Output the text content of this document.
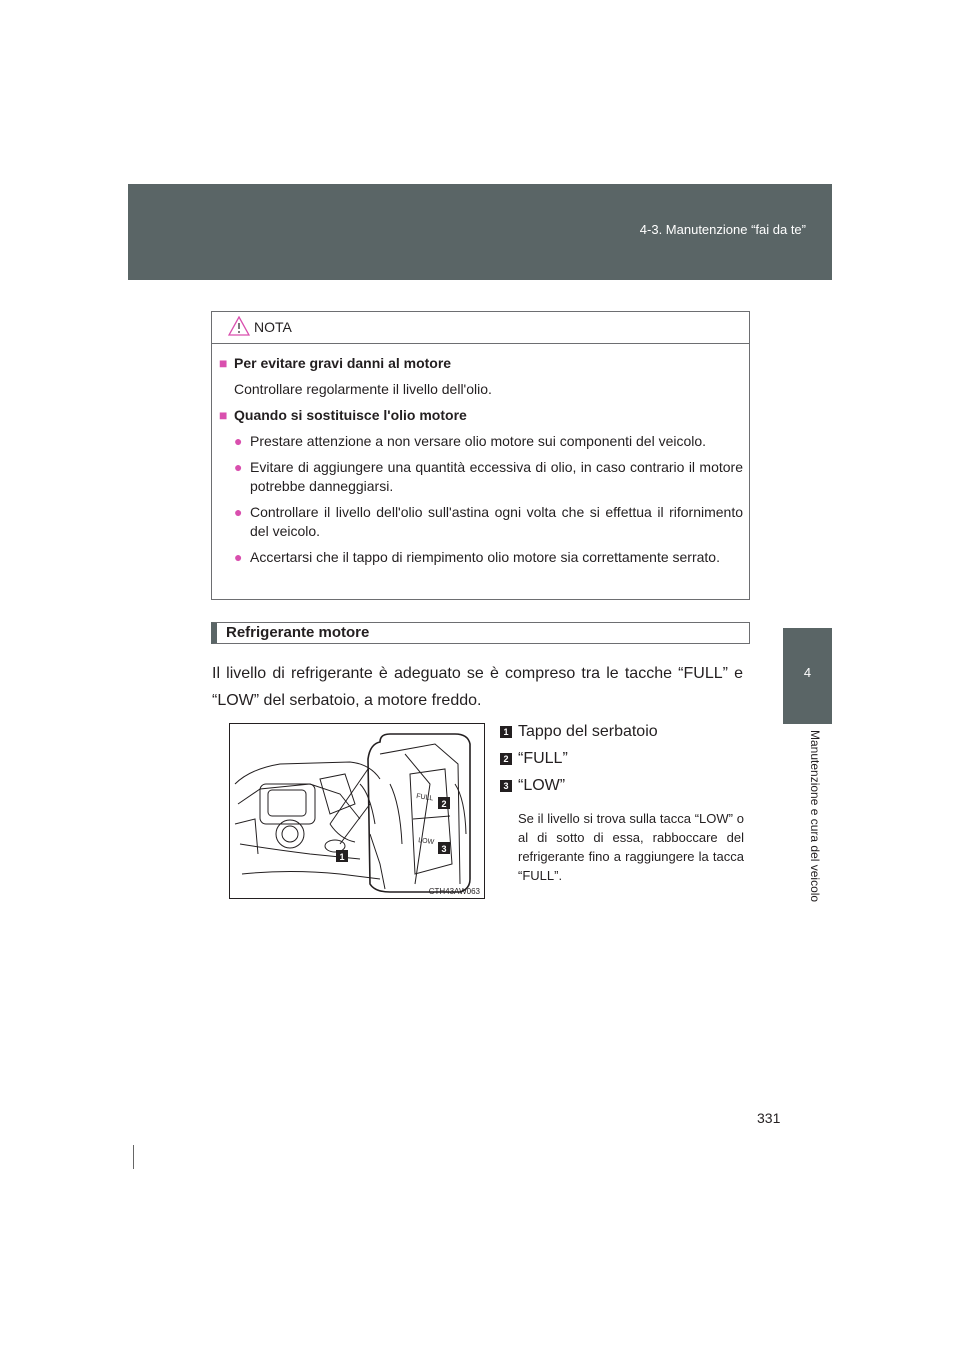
4-3. Manutenzione “fai da te”
4
Manutenzione e cura del veicolo
NOTA
■ Per evitare gravi danni al motore
Controllare regolarmente il livello dell'olio.
■ Quando si sostituisce l'olio motore
● Prestare attenzione a non versare olio motore sui componenti del veicolo.
● Evitare di aggiungere una quantità eccessiva di olio, in caso contrario il motore potrebbe danneggiarsi.
● Controllare il livello dell'olio sull'astina ogni volta che si effettua il rifornimento del veicolo.
● Accertarsi che il tappo di riempimento olio motore sia correttamente serrato.
Refrigerante motore
Il livello di refrigerante è adeguato se è compreso tra le tacche “FULL” e “LOW” del serbatoio, a motore freddo.
FULL
LOW
1
2
3
CTH43AW063
1 Tappo del serbatoio
2 “FULL”
3 “LOW”
Se il livello si trova sulla tacca “LOW” o al di sotto di essa, rabboccare del refrigerante fino a raggiungere la tacca “FULL”.
331
